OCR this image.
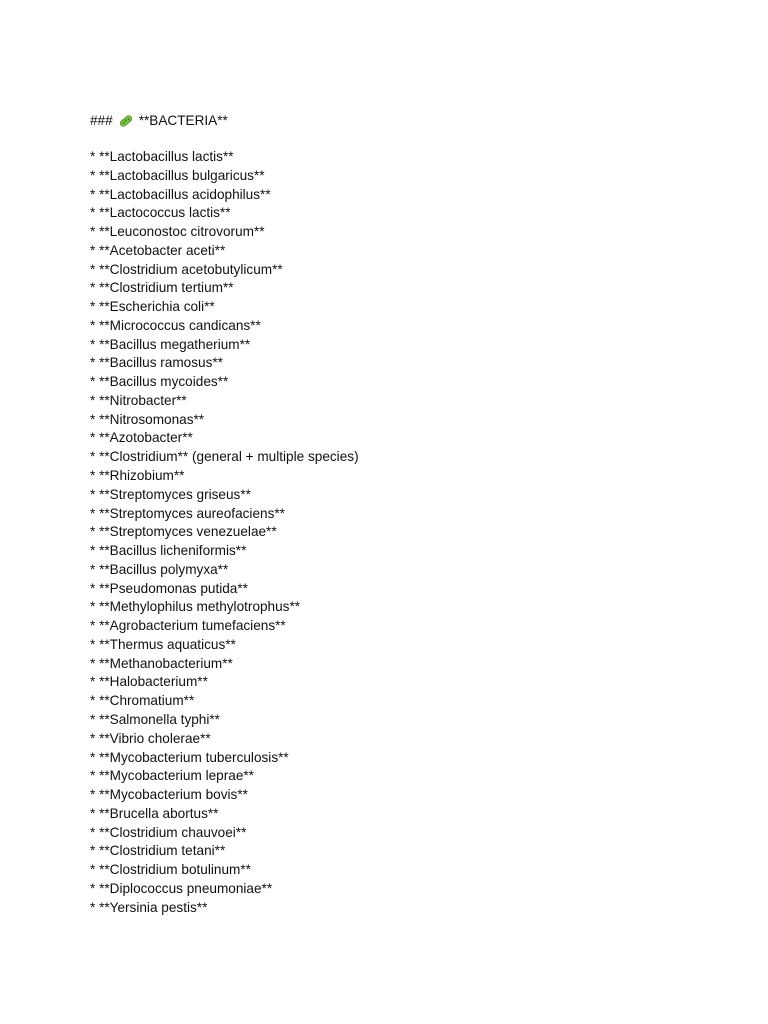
### **BACTERIA**
* **Lactobacillus lactis**
* **Lactobacillus bulgaricus**
* **Lactobacillus acidophilus**
* **Lactococcus lactis**
* **Leuconostoc citrovorum**
* **Acetobacter aceti**
* **Clostridium acetobutylicum**
* **Clostridium tertium**
* **Escherichia coli**
* **Micrococcus candicans**
* **Bacillus megatherium**
* **Bacillus ramosus**
* **Bacillus mycoides**
* **Nitrobacter**
* **Nitrosomonas**
* **Azotobacter**
* **Clostridium** (general + multiple species)
* **Rhizobium**
* **Streptomyces griseus**
* **Streptomyces aureofaciens**
* **Streptomyces venezuelae**
* **Bacillus licheniformis**
* **Bacillus polymyxa**
* **Pseudomonas putida**
* **Methylophilus methylotrophus**
* **Agrobacterium tumefaciens**
* **Thermus aquaticus**
* **Methanobacterium**
* **Halobacterium**
* **Chromatium**
* **Salmonella typhi**
* **Vibrio cholerae**
* **Mycobacterium tuberculosis**
* **Mycobacterium leprae**
* **Mycobacterium bovis**
* **Brucella abortus**
* **Clostridium chauvoei**
* **Clostridium tetani**
* **Clostridium botulinum**
* **Diplococcus pneumoniae**
* **Yersinia pestis**
